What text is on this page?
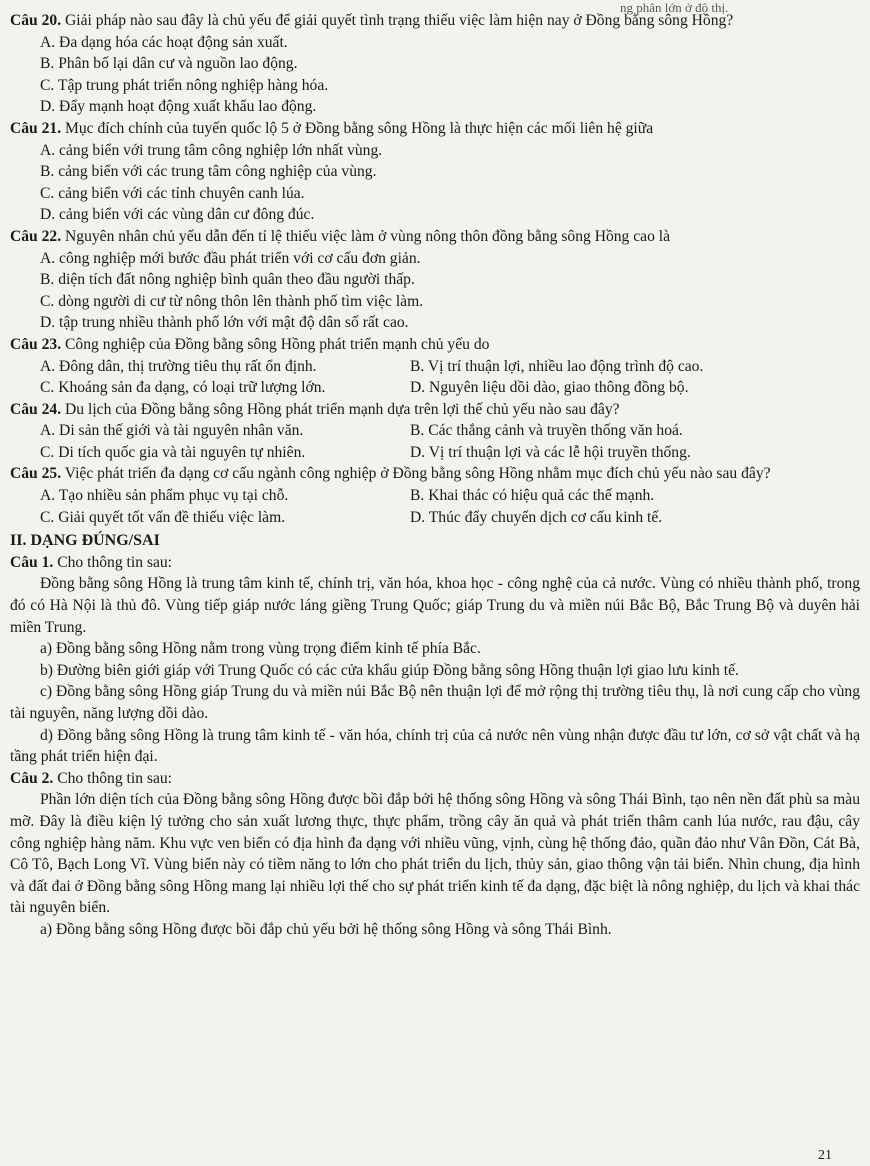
ng phân lớn ở đô thị.

Câu 20. Giải pháp nào sau đây là chủ yếu để giải quyết tình trạng thiếu việc làm hiện nay ở Đồng bằng sông Hồng?

A. Đa dạng hóa các hoạt động sản xuất.

B. Phân bố lại dân cư và nguồn lao động.

C. Tập trung phát triển nông nghiệp hàng hóa.

D. Đẩy mạnh hoạt động xuất khẩu lao động.

Câu 21. Mục đích chính của tuyến quốc lộ 5 ở Đồng bằng sông Hồng là thực hiện các mối liên hệ giữa

A. cảng biển với trung tâm công nghiệp lớn nhất vùng.

B. cảng biển với các trung tâm công nghiệp của vùng.

C. cảng biển với các tỉnh chuyên canh lúa.

D. cảng biển với các vùng dân cư đông đúc.

Câu 22. Nguyên nhân chủ yếu dẫn đến tỉ lệ thiếu việc làm ở vùng nông thôn đồng bằng sông Hồng cao là

A. công nghiệp mới bước đầu phát triển với cơ cấu đơn giản.

B. diện tích đất nông nghiệp bình quân theo đầu người thấp.

C. dòng người di cư từ nông thôn lên thành phố tìm việc làm.

D. tập trung nhiều thành phố lớn với mật độ dân số rất cao.

Câu 23. Công nghiệp của Đồng bằng sông Hồng phát triển mạnh chủ yếu do

A. Đông dân, thị trường tiêu thụ rất ổn định.	B. Vị trí thuận lợi, nhiều lao động trình độ cao.
C. Khoáng sản đa dạng, có loại trữ lượng lớn.	D. Nguyên liệu dồi dào, giao thông đồng bộ.

Câu 24. Du lịch của Đồng bằng sông Hồng phát triển mạnh dựa trên lợi thế chủ yếu nào sau đây?

A. Di sản thế giới và tài nguyên nhân văn.	B. Các thắng cảnh và truyền thống văn hoá.
C. Di tích quốc gia và tài nguyên tự nhiên.	D. Vị trí thuận lợi và các lễ hội truyền thống.

Câu 25. Việc phát triển đa dạng cơ cấu ngành công nghiệp ở Đồng bằng sông Hồng nhằm mục đích chủ yếu nào sau đây?

A. Tạo nhiều sản phẩm phục vụ tại chỗ.	B. Khai thác có hiệu quả các thế mạnh.
C. Giải quyết tốt vấn đề thiếu việc làm.	D. Thúc đẩy chuyển dịch cơ cấu kinh tế.

II. DẠNG ĐÚNG/SAI

Câu 1. Cho thông tin sau:

Đồng bằng sông Hồng là trung tâm kinh tế, chính trị, văn hóa, khoa học - công nghệ của cả nước. Vùng có nhiều thành phố, trong đó có Hà Nội là thủ đô. Vùng tiếp giáp nước láng giềng Trung Quốc; giáp Trung du và miền núi Bắc Bộ, Bắc Trung Bộ và duyên hải miền Trung.

a) Đồng bằng sông Hồng nằm trong vùng trọng điểm kinh tế phía Bắc.

b) Đường biên giới giáp với Trung Quốc có các cửa khẩu giúp Đồng bằng sông Hồng thuận lợi giao lưu kinh tế.

c) Đồng bằng sông Hồng giáp Trung du và miền núi Bắc Bộ nên thuận lợi để mở rộng thị trường tiêu thụ, là nơi cung cấp cho vùng tài nguyên, năng lượng dồi dào.

d) Đồng bằng sông Hồng là trung tâm kinh tế - văn hóa, chính trị của cả nước nên vùng nhận được đầu tư lớn, cơ sở vật chất và hạ tầng phát triển hiện đại.

Câu 2. Cho thông tin sau:

Phần lớn diện tích của Đồng bằng sông Hồng được bồi đắp bởi hệ thống sông Hồng và sông Thái Bình, tạo nên nền đất phù sa màu mỡ. Đây là điều kiện lý tưởng cho sản xuất lương thực, thực phẩm, trồng cây ăn quả và phát triển thâm canh lúa nước, rau đậu, cây công nghiệp hàng năm. Khu vực ven biển có địa hình đa dạng với nhiều vũng, vịnh, cùng hệ thống đảo, quần đảo như Vân Đồn, Cát Bà, Cô Tô, Bạch Long Vĩ. Vùng biển này có tiềm năng to lớn cho phát triển du lịch, thủy sản, giao thông vận tải biển. Nhìn chung, địa hình và đất đai ở Đồng bằng sông Hồng mang lại nhiều lợi thế cho sự phát triển kinh tế đa dạng, đặc biệt là nông nghiệp, du lịch và khai thác tài nguyên biển.

a) Đồng bằng sông Hồng được bồi đắp chủ yếu bởi hệ thống sông Hồng và sông Thái Bình.

21
